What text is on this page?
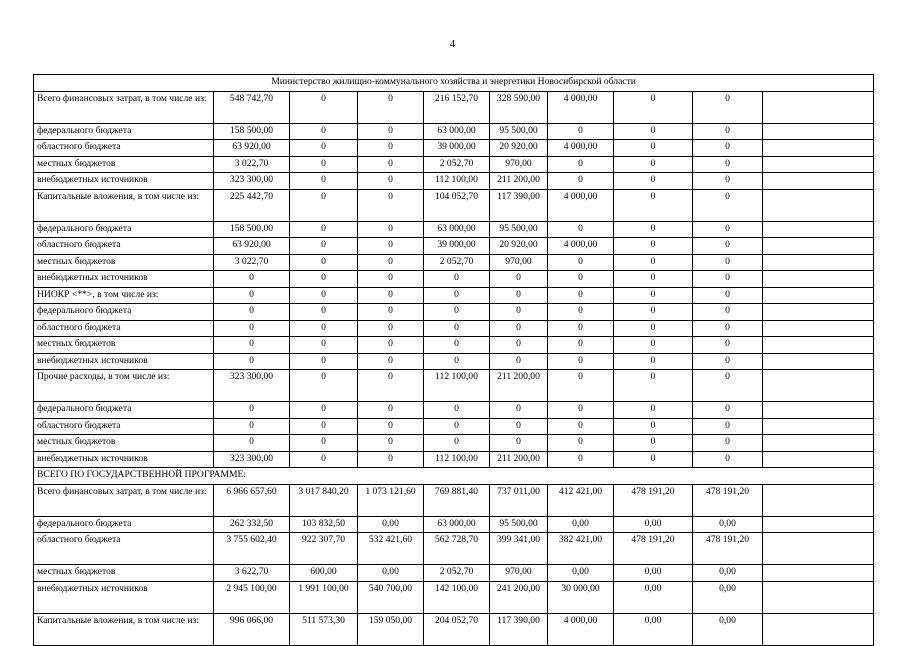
4
Министерство жилищно-коммунального хозяйства и энергетики Новосибирской области									
Всего финансовых затрат, в том числе из:	548 742,70	0	0	216 152,70	328 590,00	4 000,00	0	0	
федерального бюджета	158 500,00	0	0	63 000,00	95 500,00	0	0	0	
областного бюджета	63 920,00	0	0	39 000,00	20 920,00	4 000,00	0	0	
местных бюджетов	3 022,70	0	0	2 052,70	970,00	0	0	0	
внебюджетных источников	323 300,00	0	0	112 100,00	211 200,00	0	0	0	
Капитальные вложения, в том числе из:	225 442,70	0	0	104 052,70	117 390,00	4 000,00	0	0	
федерального бюджета	158 500,00	0	0	63 000,00	95 500,00	0	0	0	
областного бюджета	63 920,00	0	0	39 000,00	20 920,00	4 000,00	0	0	
местных бюджетов	3 022,70	0	0	2 052,70	970,00	0	0	0	
внебюджетных источников	0	0	0	0	0	0	0	0	
НИОКР <**>, в том числе из:	0	0	0	0	0	0	0	0	
федерального бюджета	0	0	0	0	0	0	0	0	
областного бюджета	0	0	0	0	0	0	0	0	
местных бюджетов	0	0	0	0	0	0	0	0	
внебюджетных источников	0	0	0	0	0	0	0	0	
Прочие расходы, в том числе из:	323 300,00	0	0	112 100,00	211 200,00	0	0	0	
федерального бюджета	0	0	0	0	0	0	0	0	
областного бюджета	0	0	0	0	0	0	0	0	
местных бюджетов	0	0	0	0	0	0	0	0	
внебюджетных источников	323 300,00	0	0	112 100,00	211 200,00	0	0	0	
ВСЕГО ПО ГОСУДАРСТВЕННОЙ ПРОГРАММЕ:									
Всего финансовых затрат, в том числе из:	6 966 657,60	3 017 840,20	1 073 121,60	769 881,40	737 011,00	412 421,00	478 191,20	478 191,20	
федерального бюджета	262 332,50	103 832,50	0,00	63 000,00	95 500,00	0,00	0,00	0,00	
областного бюджета	3 755 602,40	922 307,70	532 421,60	562 728,70	399 341,00	382 421,00	478 191,20	478 191,20	
местных бюджетов	3 622,70	600,00	0,00	2 052,70	970,00	0,00	0,00	0,00	
внебюджетных источников	2 945 100,00	1 991 100,00	540 700,00	142 100,00	241 200,00	30 000,00	0,00	0,00	
Капитальные вложения, в том числе из:	996 066,00	511 573,30	159 050,00	204 052,70	117 390,00	4 000,00	0,00	0,00	
